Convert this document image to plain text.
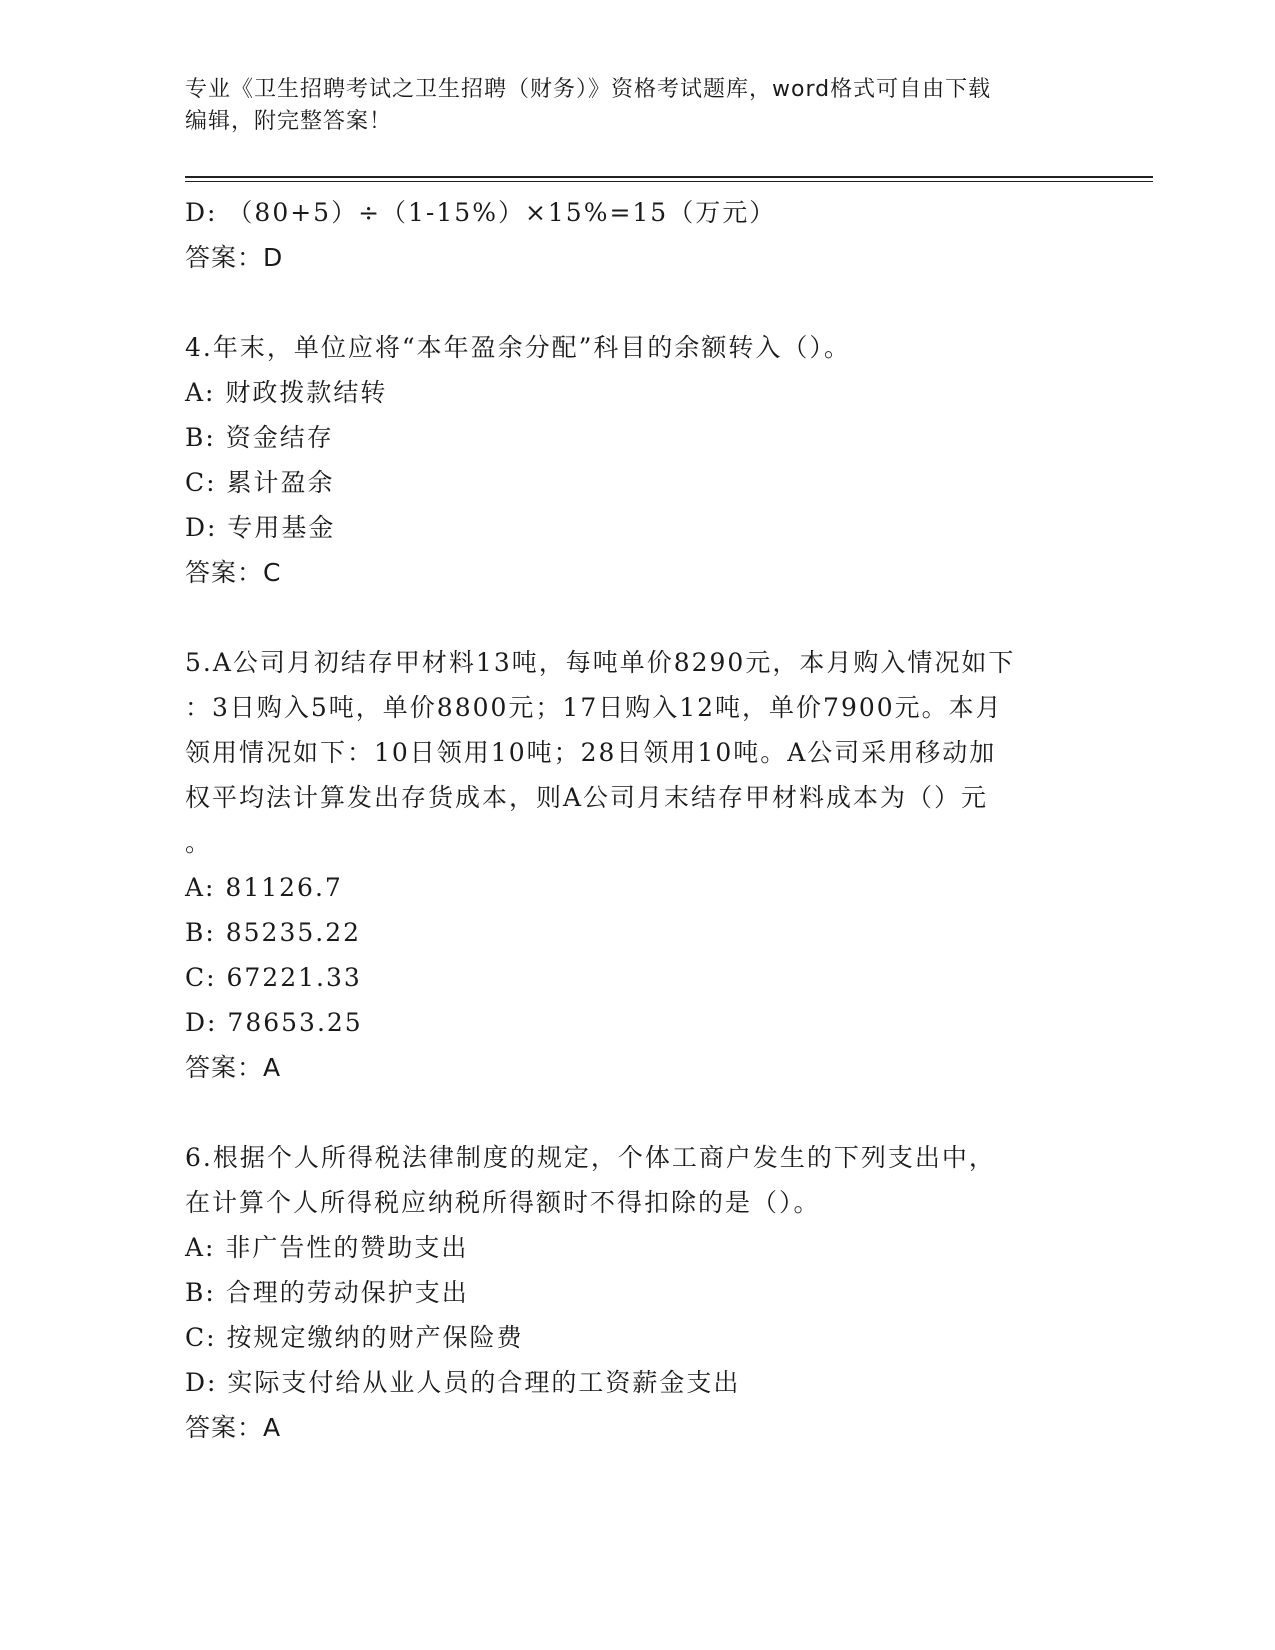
专业《卫生招聘考试之卫生招聘（财务）》资格考试题库，word格式可自由下载
编辑，附完整答案！
D: （80+5）÷（1-15%）×15%=15（万元）
答案：D
4.年末，单位应将“本年盈余分配”科目的余额转入（）。
A: 财政拨款结转
B: 资金结存
C: 累计盈余
D: 专用基金
答案：C
5.A公司月初结存甲材料13吨，每吨单价8290元，本月购入情况如下
：3日购入5吨，单价8800元；17日购入12吨，单价7900元。本月
领用情况如下：10日领用10吨；28日领用10吨。A公司采用移动加
权平均法计算发出存货成本，则A公司月末结存甲材料成本为（）元
。
A: 81126.7
B: 85235.22
C: 67221.33
D: 78653.25
答案：A
6.根据个人所得税法律制度的规定，个体工商户发生的下列支出中，
在计算个人所得税应纳税所得额时不得扣除的是（）。
A: 非广告性的赞助支出
B: 合理的劳动保护支出
C: 按规定缴纳的财产保险费
D: 实际支付给从业人员的合理的工资薪金支出
答案：A
